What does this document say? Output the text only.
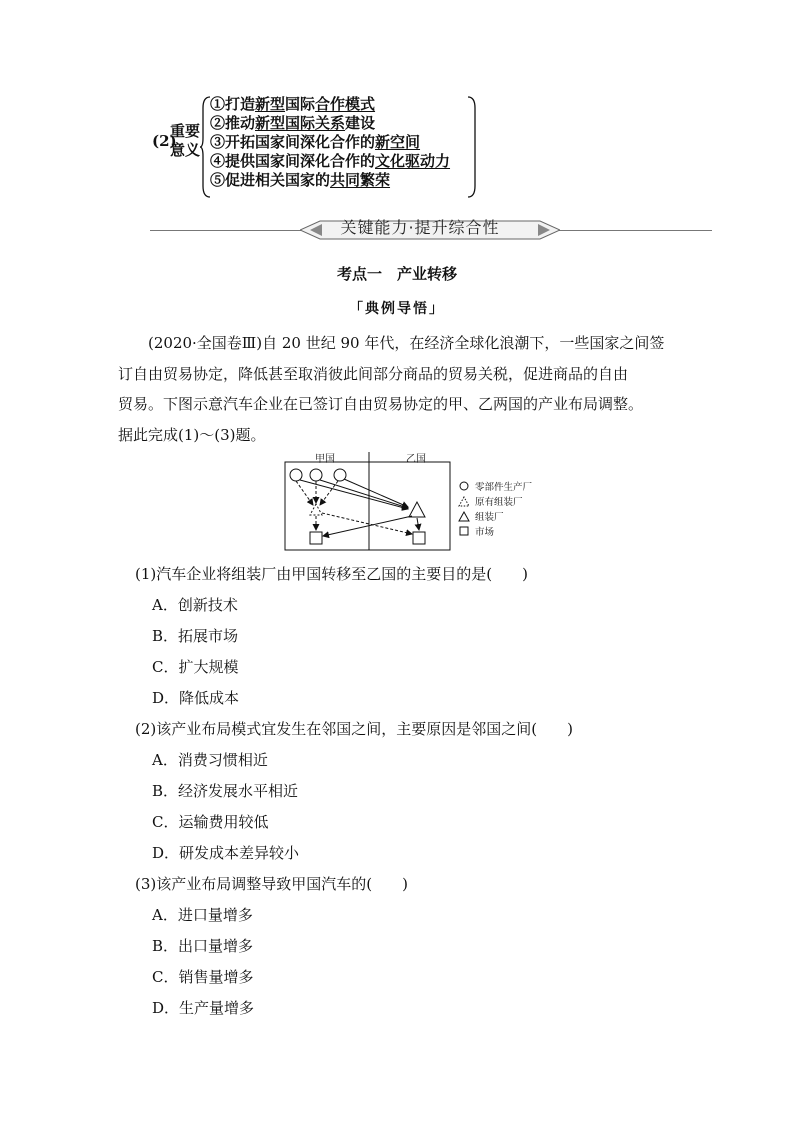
(2)
重要
意义
①打造新型国际合作模式
②推动新型国际关系建设
③开拓国家间深化合作的新空间
④提供国家间深化合作的文化驱动力
⑤促进相关国家的共同繁荣
关键能力·提升综合性
考点一　产业转移
「典例导悟」
(2020·全国卷Ⅲ)自 20 世纪 90 年代，在经济全球化浪潮下，一些国家之间签
订自由贸易协定，降低甚至取消彼此间部分商品的贸易关税，促进商品的自由
贸易。下图示意汽车企业在已签订自由贸易协定的甲、乙两国的产业布局调整。
据此完成(1)～(3)题。
甲国	乙国
零部件生产厂
原有组装厂
组装厂
市场
(1)汽车企业将组装厂由甲国转移至乙国的主要目的是(　　)
A．创新技术
B．拓展市场
C．扩大规模
D．降低成本
(2)该产业布局模式宜发生在邻国之间，主要原因是邻国之间(　　)
A．消费习惯相近
B．经济发展水平相近
C．运输费用较低
D．研发成本差异较小
(3)该产业布局调整导致甲国汽车的(　　)
A．进口量增多
B．出口量增多
C．销售量增多
D．生产量增多
